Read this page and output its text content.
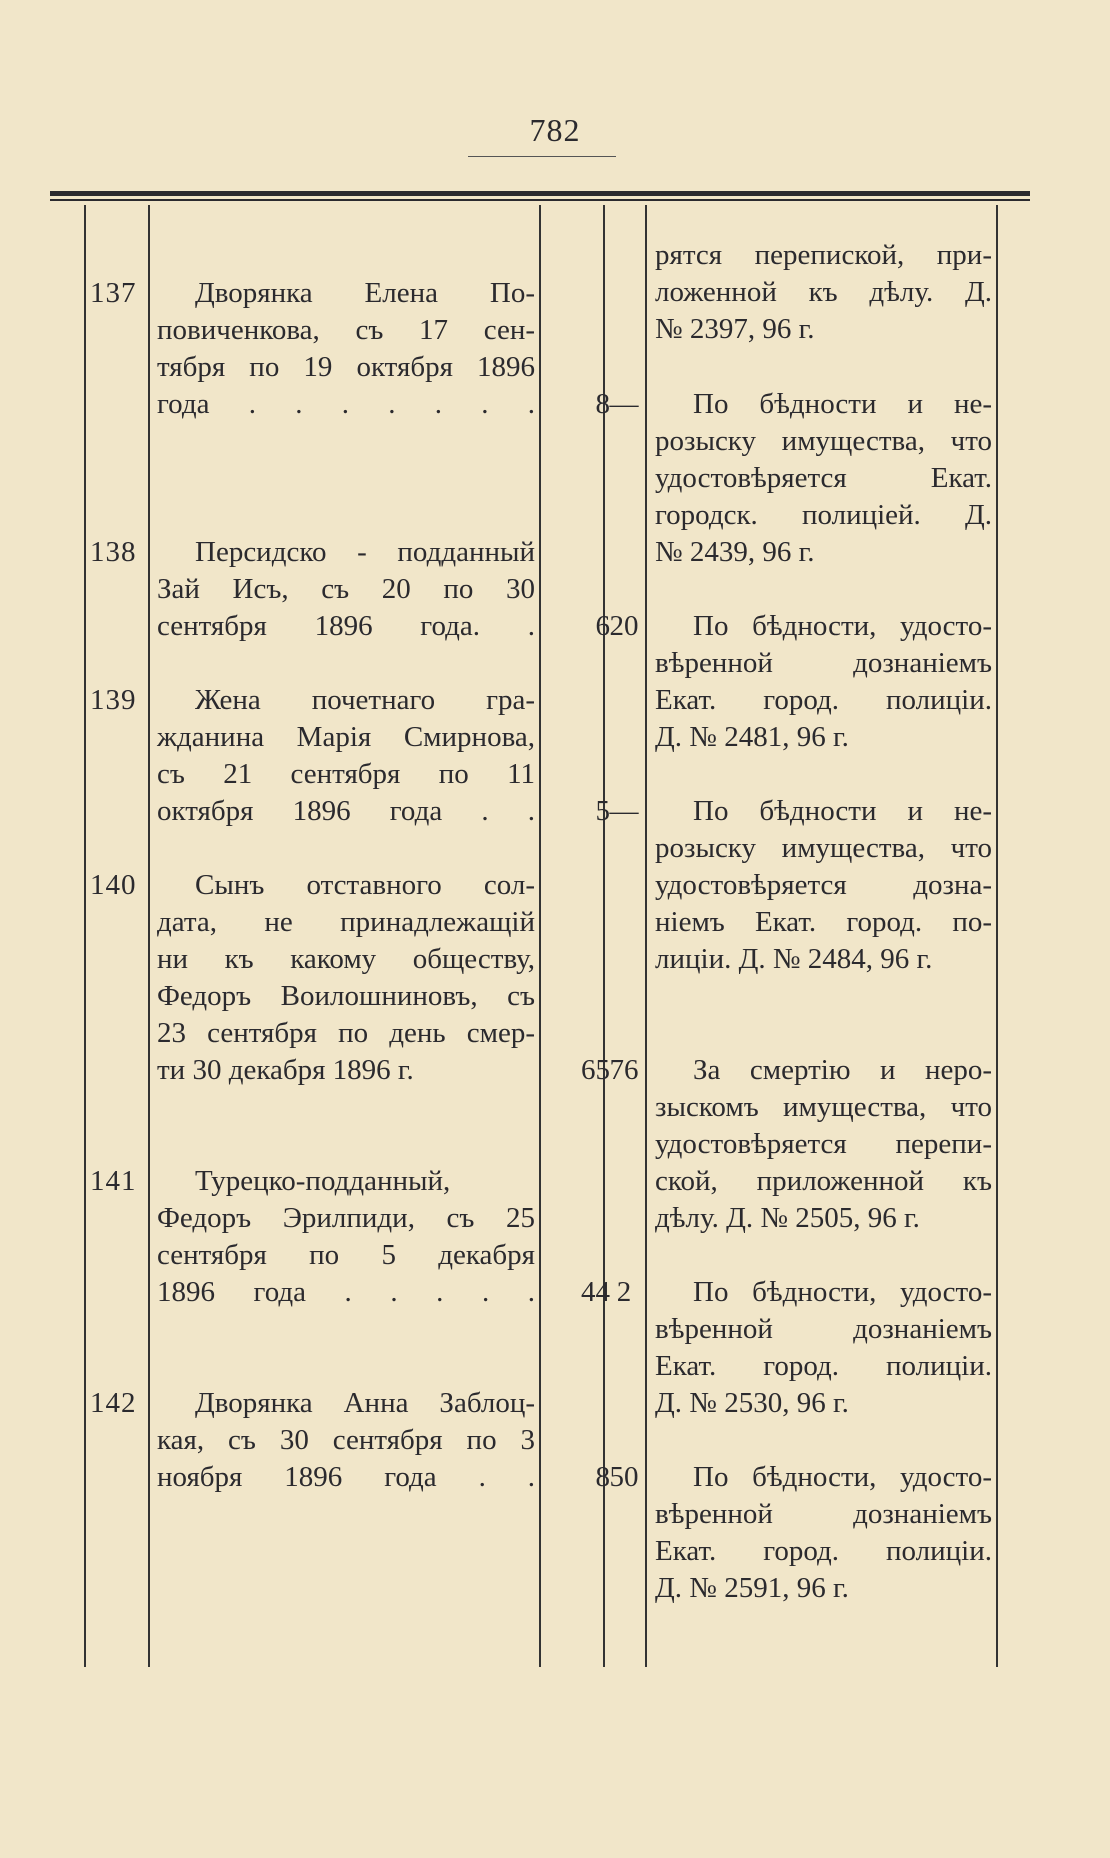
782
рятся перепиской, при-
ложенной къ дѣлу. Д.
№ 2397, 96 г.
137	Дворянка Елена По-
повиченкова, съ 17 сен-
тября по 19 октября 1896
года . . . . . . .	8 —	По бѣдности и не-
розыску имущества, что
удостовѣряется Екат.
городск. полиціей. Д.
№ 2439, 96 г.
138	Персидско - подданный
Зай Исъ, съ 20 по 30
сентября 1896 года. .	6 20	По бѣдности, удосто-
вѣренной дознаніемъ
Екат. город. полиціи.
Д. № 2481, 96 г.
139	Жена почетнаго гра-
жданина Марія Смирнова,
съ 21 сентября по 11
октября 1896 года . .	5 —	По бѣдности и не-
розыску имущества, что
удостовѣряется дозна-
ніемъ Екат. город. по-
лиціи. Д. № 2484, 96 г.
140	Сынъ отставного сол-
дата, не принадлежащій
ни къ какому обществу,
Федоръ Воилошниновъ, съ
23 сентября по день смер-
ти 30 декабря 1896 г.	65 76	За смертію и неро-
зыскомъ имущества, что
удостовѣряется перепи-
ской, приложенной къ
дѣлу. Д. № 2505, 96 г.
141	Турецко-подданный,
Федоръ Эрилпиди, съ 25
сентября по 5 декабря
1896 года . . . . .	44 2	По бѣдности, удосто-
вѣренной дознаніемъ
Екат. город. полиціи.
Д. № 2530, 96 г.
142	Дворянка Анна Заблоц-
кая, съ 30 сентября по 3
ноября 1896 года . .	8 50	По бѣдности, удосто-
вѣренной дознаніемъ
Екат. город. полиціи.
Д. № 2591, 96 г.
